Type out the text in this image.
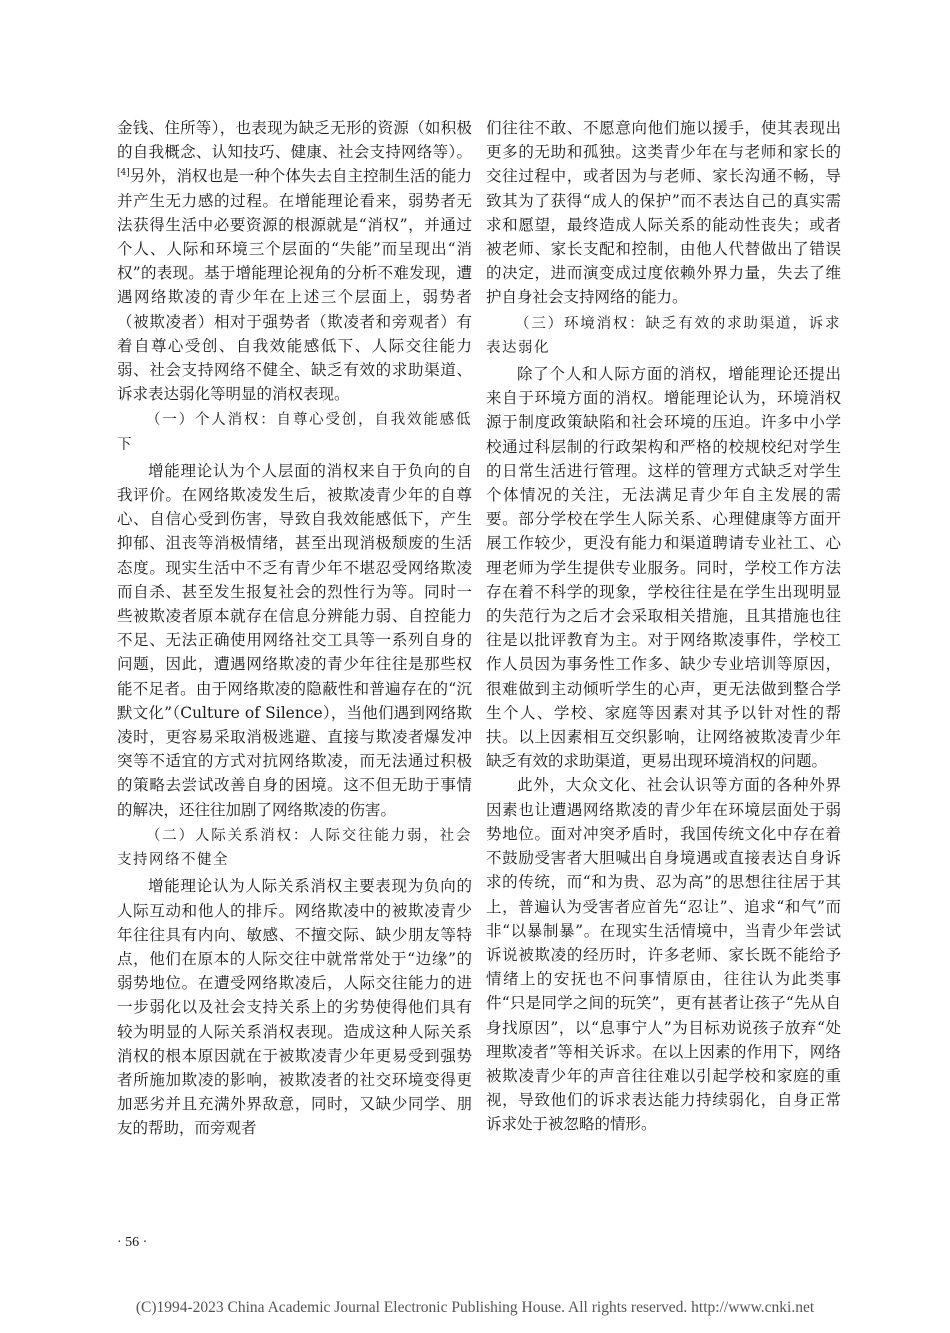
金钱、住所等），也表现为缺乏无形的资源（如积极的自我概念、认知技巧、健康、社会支持网络等）。[4]另外，消权也是一种个体失去自主控制生活的能力并产生无力感的过程。在增能理论看来，弱势者无法获得生活中必要资源的根源就是“消权”，并通过个人、人际和环境三个层面的“失能”而呈现出“消权”的表现。基于增能理论视角的分析不难发现，遭遇网络欺凌的青少年在上述三个层面上，弱势者（被欺凌者）相对于强势者（欺凌者和旁观者）有着自尊心受创、自我效能感低下、人际交往能力弱、社会支持网络不健全、缺乏有效的求助渠道、诉求表达弱化等明显的消权表现。

（一）个人消权：自尊心受创，自我效能感低下

增能理论认为个人层面的消权来自于负向的自我评价。在网络欺凌发生后，被欺凌青少年的自尊心、自信心受到伤害，导致自我效能感低下，产生抑郁、沮丧等消极情绪，甚至出现消极颓废的生活态度。现实生活中不乏有青少年不堪忍受网络欺凌而自杀、甚至发生报复社会的烈性行为等。同时一些被欺凌者原本就存在信息分辨能力弱、自控能力不足、无法正确使用网络社交工具等一系列自身的问题，因此，遭遇网络欺凌的青少年往往是那些权能不足者。由于网络欺凌的隐蔽性和普遍存在的“沉默文化”（Culture of Silence），当他们遇到网络欺凌时，更容易采取消极逃避、直接与欺凌者爆发冲突等不适宜的方式对抗网络欺凌，而无法通过积极的策略去尝试改善自身的困境。这不但无助于事情的解决，还往往加剧了网络欺凌的伤害。

（二）人际关系消权：人际交往能力弱，社会支持网络不健全

增能理论认为人际关系消权主要表现为负向的人际互动和他人的排斥。网络欺凌中的被欺凌青少年往往具有内向、敏感、不擅交际、缺少朋友等特点，他们在原本的人际交往中就常常处于“边缘”的弱势地位。在遭受网络欺凌后，人际交往能力的进一步弱化以及社会支持关系上的劣势使得他们具有较为明显的人际关系消权表现。造成这种人际关系消权的根本原因就在于被欺凌青少年更易受到强势者所施加欺凌的影响，被欺凌者的社交环境变得更加恶劣并且充满外界敌意，同时，又缺少同学、朋友的帮助，而旁观者

们往往不敢、不愿意向他们施以援手，使其表现出更多的无助和孤独。这类青少年在与老师和家长的交往过程中，或者因为与老师、家长沟通不畅，导致其为了获得“成人的保护”而不表达自己的真实需求和愿望，最终造成人际关系的能动性丧失；或者被老师、家长支配和控制，由他人代替做出了错误的决定，进而演变成过度依赖外界力量，失去了维护自身社会支持网络的能力。

（三）环境消权：缺乏有效的求助渠道，诉求表达弱化

除了个人和人际方面的消权，增能理论还提出来自于环境方面的消权。增能理论认为，环境消权源于制度政策缺陷和社会环境的压迫。许多中小学校通过科层制的行政架构和严格的校规校纪对学生的日常生活进行管理。这样的管理方式缺乏对学生个体情况的关注，无法满足青少年自主发展的需要。部分学校在学生人际关系、心理健康等方面开展工作较少，更没有能力和渠道聘请专业社工、心理老师为学生提供专业服务。同时，学校工作方法存在着不科学的现象，学校往往是在学生出现明显的失范行为之后才会采取相关措施，且其措施也往往是以批评教育为主。对于网络欺凌事件，学校工作人员因为事务性工作多、缺少专业培训等原因，很难做到主动倾听学生的心声，更无法做到整合学生个人、学校、家庭等因素对其予以针对性的帮扶。以上因素相互交织影响，让网络被欺凌青少年缺乏有效的求助渠道，更易出现环境消权的问题。

此外，大众文化、社会认识等方面的各种外界因素也让遭遇网络欺凌的青少年在环境层面处于弱势地位。面对冲突矛盾时，我国传统文化中存在着不鼓励受害者大胆喊出自身境遇或直接表达自身诉求的传统，而“和为贵、忍为高”的思想往往居于其上，普遍认为受害者应首先“忍让”、追求“和气”而非“以暴制暴”。在现实生活情境中，当青少年尝试诉说被欺凌的经历时，许多老师、家长既不能给予情绪上的安抚也不问事情原由，往往认为此类事件“只是同学之间的玩笑”，更有甚者让孩子“先从自身找原因”，以“息事宁人”为目标劝说孩子放弃“处理欺凌者”等相关诉求。在以上因素的作用下，网络被欺凌青少年的声音往往难以引起学校和家庭的重视，导致他们的诉求表达能力持续弱化，自身正常诉求处于被忽略的情形。

· 56 ·
(C)1994-2023 China Academic Journal Electronic Publishing House. All rights reserved. http://www.cnki.net
